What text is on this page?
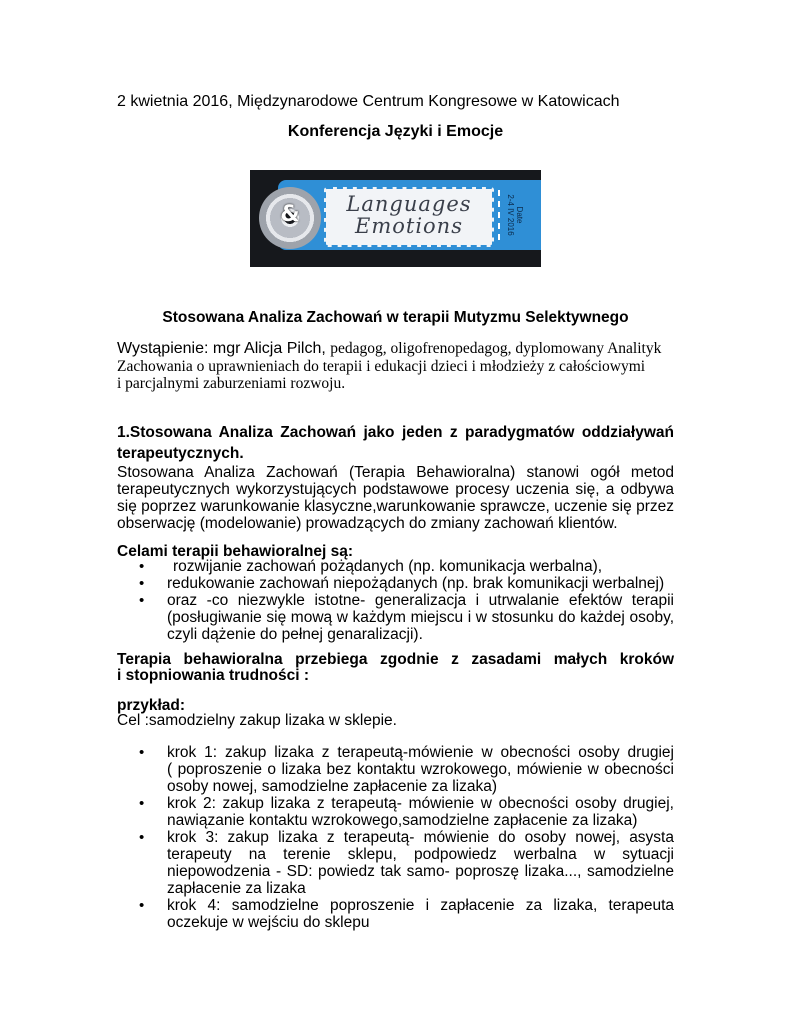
2 kwietnia 2016, Międzynarodowe Centrum Kongresowe w Katowicach
Konferencja Języki i Emocje
&	Languages
Emotions	Date
2-4 IV 2016
Stosowana Analiza Zachowań w terapii Mutyzmu Selektywnego
Wystąpienie: mgr Alicja Pilch, pedagog, oligofrenopedagog, dyplomowany Analityk
Zachowania o uprawnieniach do terapii i edukacji dzieci i młodzieży z całościowymi
i parcjalnymi zaburzeniami rozwoju.
1.Stosowana Analiza Zachowań jako jeden z paradygmatów oddziaływań
terapeutycznych.
Stosowana Analiza Zachowań (Terapia Behawioralna) stanowi ogół metod
terapeutycznych wykorzystujących podstawowe procesy uczenia się, a odbywa
się poprzez warunkowanie klasyczne,warunkowanie sprawcze, uczenie się przez
obserwację (modelowanie) prowadzących do zmiany zachowań klientów.
Celami terapii behawioralnej są:
•	rozwijanie zachowań pożądanych (np. komunikacja werbalna),
• redukowanie zachowań niepożądanych (np. brak komunikacji werbalnej)
• oraz -co niezwykle istotne- generalizacja i utrwalanie efektów terapii
(posługiwanie się mową w każdym miejscu i w stosunku do każdej osoby,
czyli dążenie do pełnej genaralizacji).
Terapia behawioralna przebiega zgodnie z zasadami małych kroków
i stopniowania trudności :
przykład:
Cel :samodzielny zakup lizaka w sklepie.
• krok 1: zakup lizaka z terapeutą-mówienie w obecności osoby drugiej
( poproszenie o lizaka bez kontaktu wzrokowego, mówienie w obecności
osoby nowej, samodzielne zapłacenie za lizaka)
• krok 2: zakup lizaka z terapeutą- mówienie w obecności osoby drugiej,
nawiązanie kontaktu wzrokowego,samodzielne zapłacenie za lizaka)
• krok 3: zakup lizaka z terapeutą- mówienie do osoby nowej, asysta
terapeuty na terenie sklepu, podpowiedz werbalna w sytuacji
niepowodzenia - SD: powiedz tak samo- poproszę lizaka..., samodzielne
zapłacenie za lizaka
• krok 4: samodzielne poproszenie i zapłacenie za lizaka, terapeuta
oczekuje w wejściu do sklepu
